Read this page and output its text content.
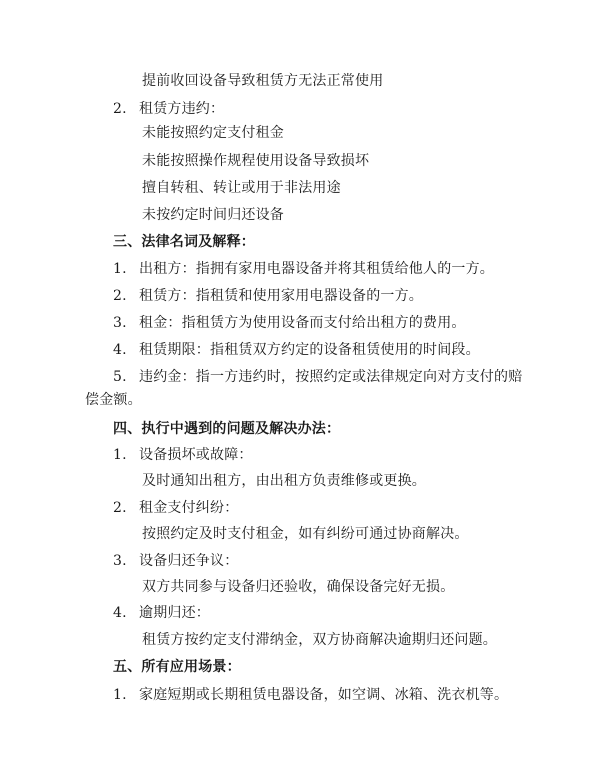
提前收回设备导致租赁方无法正常使用
2. 租赁方违约：
未能按照约定支付租金
未能按照操作规程使用设备导致损坏
擅自转租、转让或用于非法用途
未按约定时间归还设备
三、法律名词及解释：
1. 出租方：指拥有家用电器设备并将其租赁给他人的一方。
2. 租赁方：指租赁和使用家用电器设备的一方。
3. 租金：指租赁方为使用设备而支付给出租方的费用。
4. 租赁期限：指租赁双方约定的设备租赁使用的时间段。
5. 违约金：指一方违约时，按照约定或法律规定向对方支付的赔
偿金额。
四、执行中遇到的问题及解决办法：
1. 设备损坏或故障：
及时通知出租方，由出租方负责维修或更换。
2. 租金支付纠纷：
按照约定及时支付租金，如有纠纷可通过协商解决。
3. 设备归还争议：
双方共同参与设备归还验收，确保设备完好无损。
4. 逾期归还：
租赁方按约定支付滞纳金，双方协商解决逾期归还问题。
五、所有应用场景：
1. 家庭短期或长期租赁电器设备，如空调、冰箱、洗衣机等。
